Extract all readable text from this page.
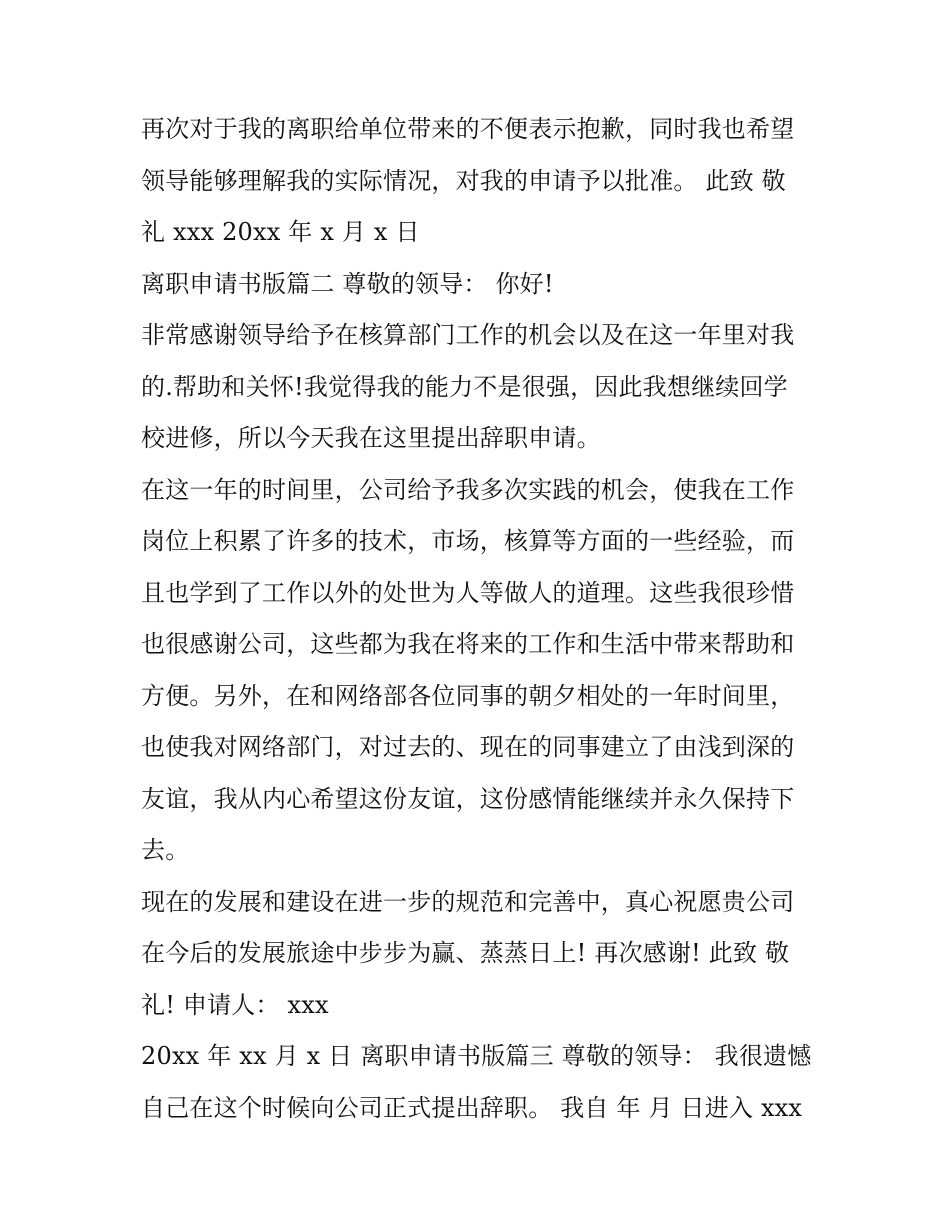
再次对于我的离职给单位带来的不便表示抱歉，同时我也希望
领导能够理解我的实际情况，对我的申请予以批准。 此致 敬
礼 xxx 20xx 年 x 月 x 日
离职申请书版篇二 尊敬的领导： 你好!
非常感谢领导给予在核算部门工作的机会以及在这一年里对我
的.帮助和关怀!我觉得我的能力不是很强，因此我想继续回学
校进修，所以今天我在这里提出辞职申请。
在这一年的时间里，公司给予我多次实践的机会，使我在工作
岗位上积累了许多的技术，市场，核算等方面的一些经验，而
且也学到了工作以外的处世为人等做人的道理。这些我很珍惜
也很感谢公司，这些都为我在将来的工作和生活中带来帮助和
方便。另外，在和网络部各位同事的朝夕相处的一年时间里，
也使我对网络部门，对过去的、现在的同事建立了由浅到深的
友谊，我从内心希望这份友谊，这份感情能继续并永久保持下
去。
现在的发展和建设在进一步的规范和完善中，真心祝愿贵公司
在今后的发展旅途中步步为赢、蒸蒸日上! 再次感谢! 此致 敬
礼! 申请人： xxx
20xx 年 xx 月 x 日 离职申请书版篇三 尊敬的领导： 我很遗憾
自己在这个时候向公司正式提出辞职。 我自 年 月 日进入 xxx
